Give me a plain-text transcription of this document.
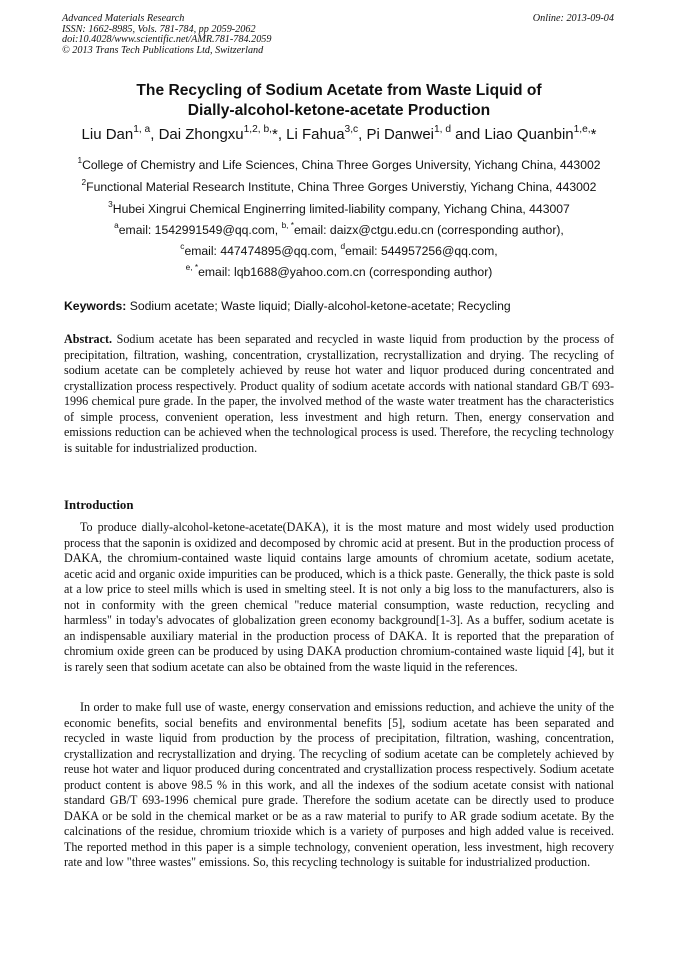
Advanced Materials Research
ISSN: 1662-8985, Vols. 781-784, pp 2059-2062
doi:10.4028/www.scientific.net/AMR.781-784.2059
© 2013 Trans Tech Publications Ltd, Switzerland
Online: 2013-09-04
The Recycling of Sodium Acetate from Waste Liquid of
Dially-alcohol-ketone-acetate Production
Liu Dan$^{1, a}$, Dai Zhongxu$^{1,2, b,}$*, Li Fahua$^{3,c}$, Pi Danwei$^{1, d}$ and Liao Quanbin$^{1,e,}$*
$^1$College of Chemistry and Life Sciences, China Three Gorges University, Yichang China, 443002
$^2$Functional Material Research Institute, China Three Gorges Universtiy, Yichang China, 443002
$^3$Hubei Xingrui Chemical Enginerring limited-liability company, Yichang China, 443007
$^a$email: 1542991549@qq.com, $^{b, *}$email: daizx@ctgu.edu.cn (corresponding author),
$^c$email: 447474895@qq.com, $^d$email: 544957256@qq.com,
$^{e, *}$email: lqb1688@yahoo.com.cn (corresponding author)
Keywords: Sodium acetate; Waste liquid; Dially-alcohol-ketone-acetate; Recycling
Abstract. Sodium acetate has been separated and recycled in waste liquid from production by the process of precipitation, filtration, washing, concentration, crystallization, recrystallization and drying. The recycling of sodium acetate can be completely achieved by reuse hot water and liquor produced during concentrated and crystallization process respectively. Product quality of sodium acetate accords with national standard GB/T 693-1996 chemical pure grade. In the paper, the involved method of the waste water treatment has the characteristics of simple process, convenient operation, less investment and high return. Then, energy conservation and emissions reduction can be achieved when the technological process is used. Therefore, the recycling technology is suitable for industrialized production.
Introduction

To produce dially-alcohol-ketone-acetate(DAKA), it is the most mature and most widely used production process that the saponin is oxidized and decomposed by chromic acid at present. But in the production process of DAKA, the chromium-contained waste liquid contains large amounts of chromium acetate, sodium acetate, acetic acid and organic oxide impurities can be produced, which is a thick paste. Generally, the thick paste is sold at a low price to steel mills which is used in smelting steel. It is not only a big loss to the manufacturers, also is not in conformity with the green chemical "reduce material consumption, waste reduction, recycling and harmless" in today's advocates of globalization green economy background[1-3]. As a buffer, sodium acetate is an indispensable auxiliary material in the production process of DAKA. It is reported that the preparation of chromium oxide green can be produced by using DAKA production chromium-contained waste liquid [4], but it is rarely seen that sodium acetate can also be obtained from the waste liquid in the references.

In order to make full use of waste, energy conservation and emissions reduction, and achieve the unity of the economic benefits, social benefits and environmental benefits [5], sodium acetate has been separated and recycled in waste liquid from production by the process of precipitation, filtration, washing, concentration, crystallization and recrystallization and drying. The recycling of sodium acetate can be completely achieved by reuse hot water and liquor produced during concentrated and crystallization process respectively. Sodium acetate product content is above 98.5 % in this work, and all the indexes of the sodium acetate consist with national standard GB/T 693-1996 chemical pure grade. Therefore the sodium acetate can be directly used to produce DAKA or be sold in the chemical market or be as a raw material to purify to AR grade sodium acetate. By the calcinations of the residue, chromium trioxide which is a variety of purposes and high added value is received. The reported method in this paper is a simple technology, convenient operation, less investment, high recovery rate and low "three wastes" emissions. So, this recycling technology is suitable for industrialized production.
